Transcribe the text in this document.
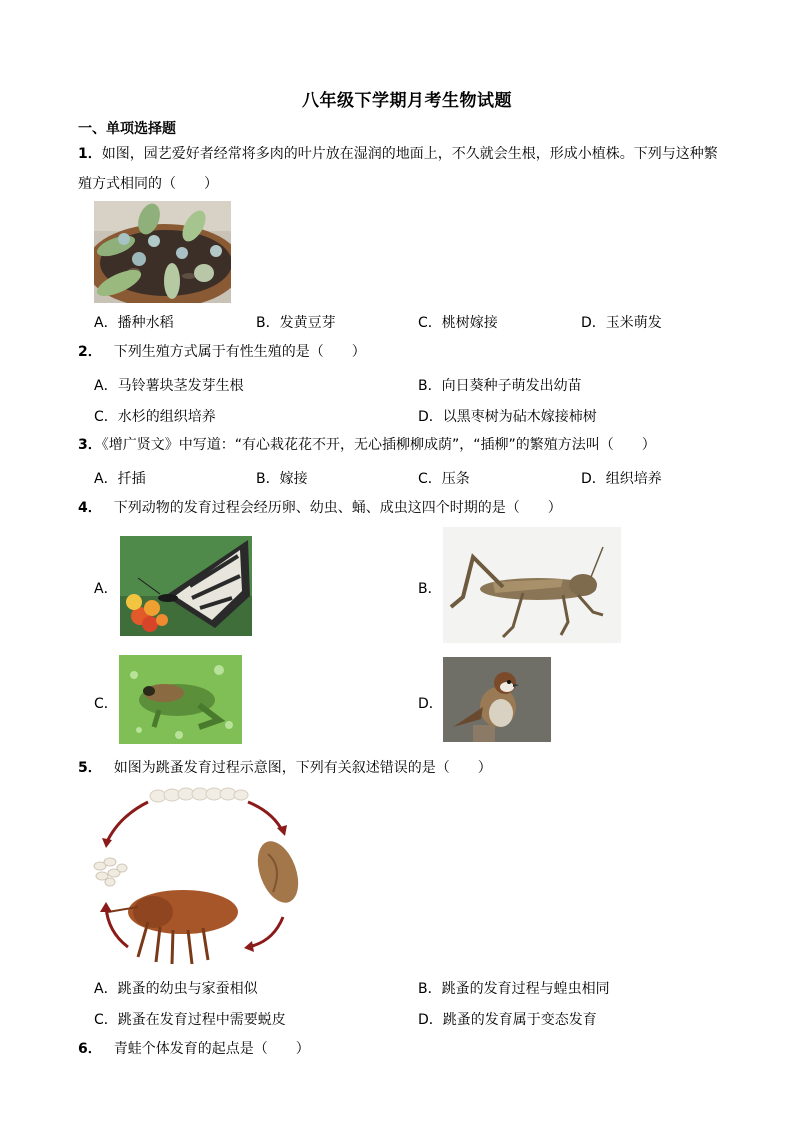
八年级下学期月考生物试题
一、单项选择题
1．如图，园艺爱好者经常将多肉的叶片放在湿润的地面上，不久就会生根，形成小植株。下列与这种繁
殖方式相同的（　　）
A．播种水稻	B．发黄豆芽	C．桃树嫁接	D．玉米萌发
2． 下列生殖方式属于有性生殖的是（　　）
A．马铃薯块茎发芽生根	B．向日葵种子萌发出幼苗
C．水杉的组织培养	D．以黑枣树为砧木嫁接柿树
3．《增广贤文》中写道：“有心栽花花不开，无心插柳柳成荫”，“插柳”的繁殖方法叫（　　）
A．扦插	B．嫁接	C．压条	D．组织培养
4． 下列动物的发育过程会经历卵、幼虫、蛹、成虫这四个时期的是（　　）
A．	B．
C．	D．
5． 如图为跳蚤发育过程示意图，下列有关叙述错误的是（　　）
A．跳蚤的幼虫与家蚕相似	B．跳蚤的发育过程与蝗虫相同
C．跳蚤在发育过程中需要蜕皮	D．跳蚤的发育属于变态发育
6． 青蛙个体发育的起点是（　　）
